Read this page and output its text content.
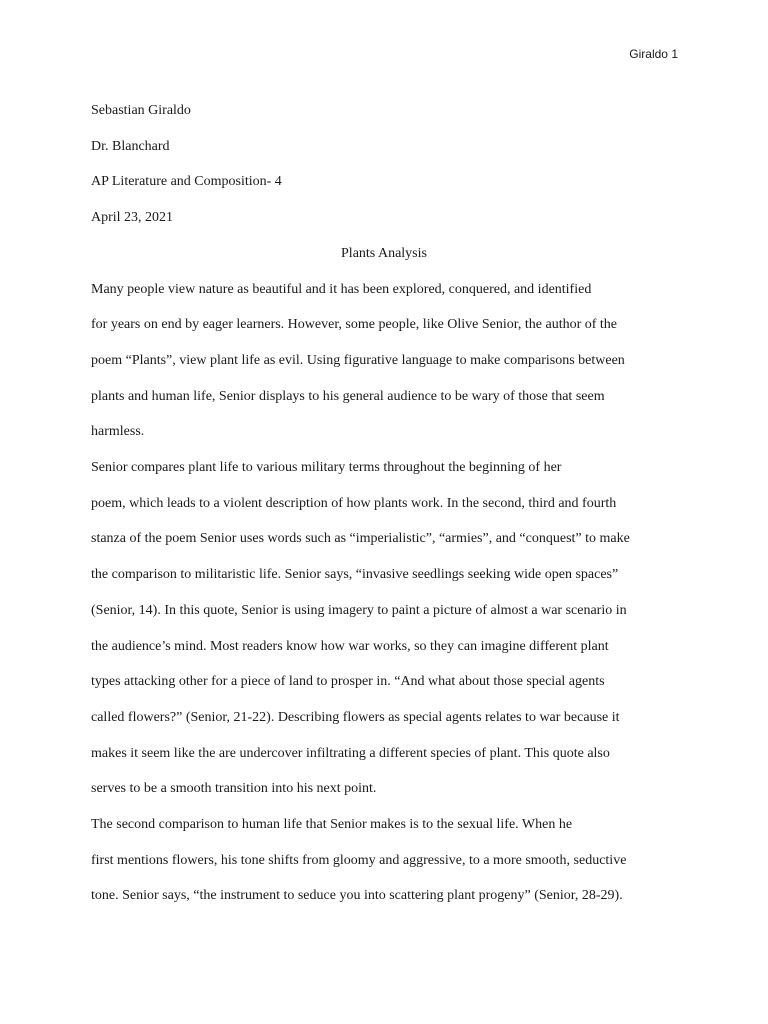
Giraldo 1

Sebastian Giraldo

Dr. Blanchard

AP Literature and Composition- 4

April 23, 2021

Plants Analysis

Many people view nature as beautiful and it has been explored, conquered, and identified
for years on end by eager learners. However, some people, like Olive Senior, the author of the
poem “Plants”, view plant life as evil. Using figurative language to make comparisons between
plants and human life, Senior displays to his general audience to be wary of those that seem
harmless.
Senior compares plant life to various military terms throughout the beginning of her
poem, which leads to a violent description of how plants work. In the second, third and fourth
stanza of the poem Senior uses words such as “imperialistic”, “armies”, and “conquest” to make
the comparison to militaristic life. Senior says, “invasive seedlings seeking wide open spaces”
(Senior, 14). In this quote, Senior is using imagery to paint a picture of almost a war scenario in
the audience’s mind. Most readers know how war works, so they can imagine different plant
types attacking other for a piece of land to prosper in. “And what about those special agents
called flowers?” (Senior, 21-22). Describing flowers as special agents relates to war because it
makes it seem like the are undercover infiltrating a different species of plant. This quote also
serves to be a smooth transition into his next point.
The second comparison to human life that Senior makes is to the sexual life. When he
first mentions flowers, his tone shifts from gloomy and aggressive, to a more smooth, seductive
tone. Senior says, “the instrument to seduce you into scattering plant progeny” (Senior, 28-29).
